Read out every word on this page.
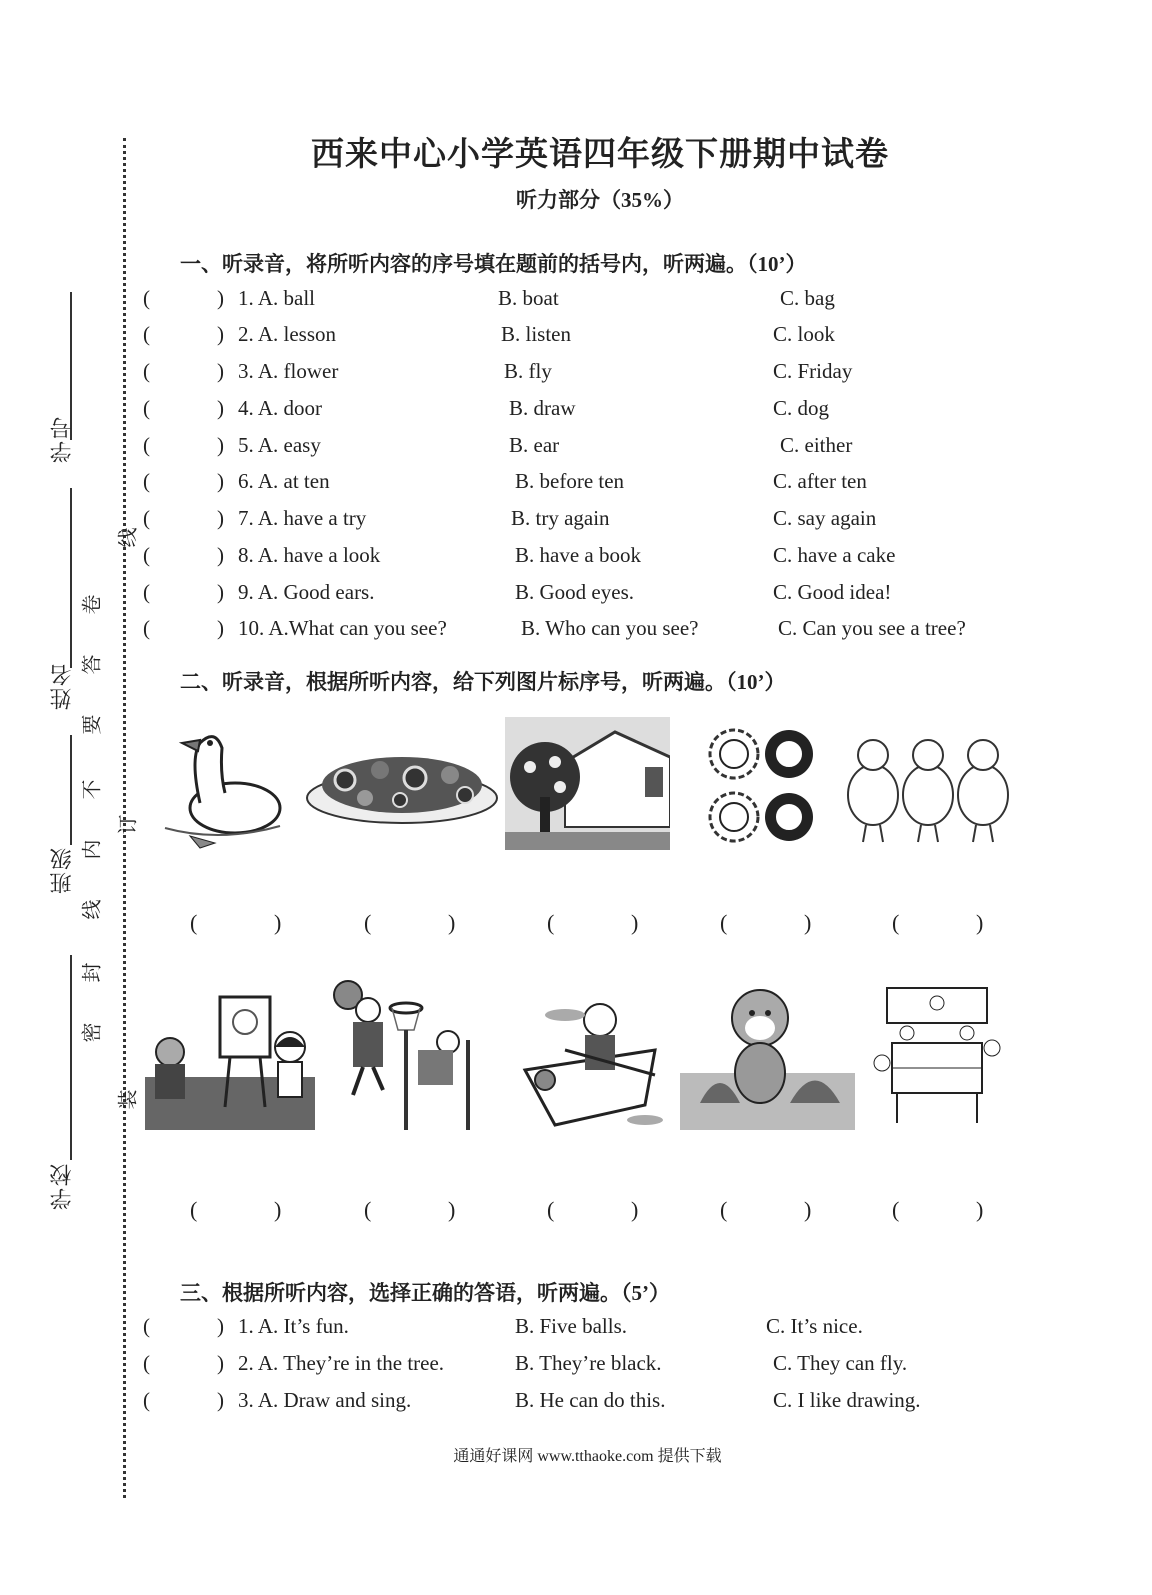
学号
姓名
班级
学校
线
卷
答
要
不
内
订
线
封
密
装
西来中心小学英语四年级下册期中试卷
听力部分（35%）
一、听录音，将所听内容的序号填在题前的括号内，听两遍。（10’）
(	) 1. A. ball	B. boat	C. bag
(	) 2. A. lesson	B. listen	C. look
(	) 3. A. flower	B. fly	C. Friday
(	) 4. A. door	B. draw	C. dog
(	) 5. A. easy	B. ear	C. either
(	) 6. A. at ten	B. before ten	C. after ten
(	) 7. A. have a try	B. try again	C. say again
(	) 8. A. have a look	B. have a book	C. have a cake
(	) 9. A. Good ears.	B. Good eyes.	C. Good idea!
(	) 10. A.What can you see?	B. Who can you see?	C. Can you see a tree?
二、听录音，根据所听内容，给下列图片标序号，听两遍。（10’）
(	)	(	)	(	)	(	)	(	)
(	)	(	)	(	)	(	)	(	)
三、根据所听内容，选择正确的答语，听两遍。（5’）
(	) 1. A. It’s fun.	B. Five balls.	C. It’s nice.
(	) 2. A. They’re in the tree.	B. They’re black.	C. They can fly.
(	) 3. A. Draw and sing.	B. He can do this.	C. I like drawing.
通通好课网 www.tthaoke.com 提供下载
